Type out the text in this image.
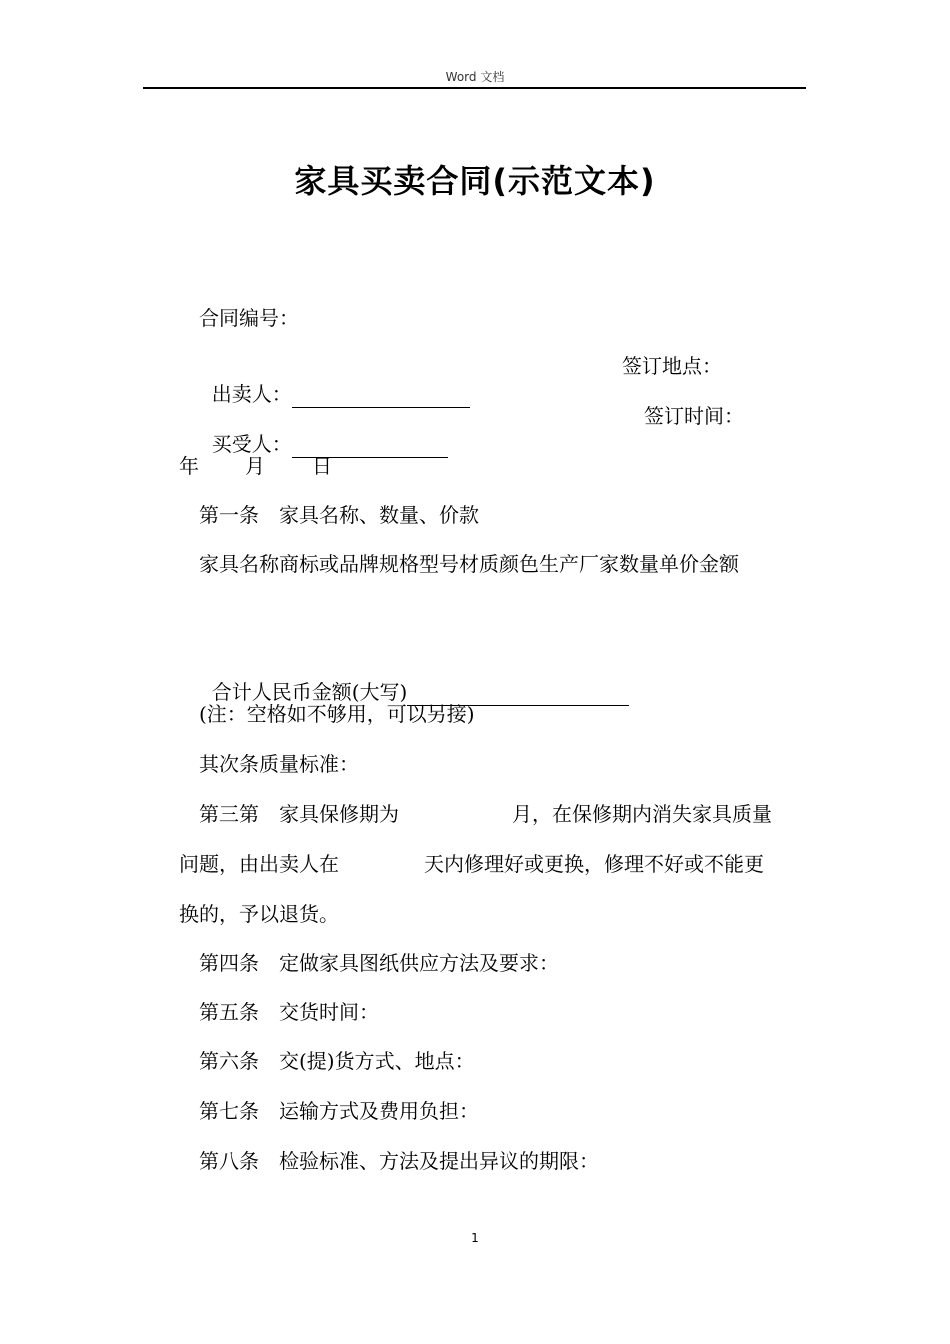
Word 文档
家具买卖合同(示范文本)
合同编号：

出卖人：

签订地点：

买受人：

签订时间：
年 月 日
第一条　家具名称、数量、价款
家具名称商标或品牌规格型号材质颜色生产厂家数量单价金额

合计人民币金额(大写)

(注：空格如不够用，可以另接)
其次条质量标准：
第三第　家具保修期为	月，在保修期内消失家具质量
问题，由出卖人在	天内修理好或更换，修理不好或不能更
换的，予以退货。
第四条　定做家具图纸供应方法及要求：
第五条　交货时间：
第六条　交(提)货方式、地点：
第七条　运输方式及费用负担：
第八条　检验标准、方法及提出异议的期限：
1
